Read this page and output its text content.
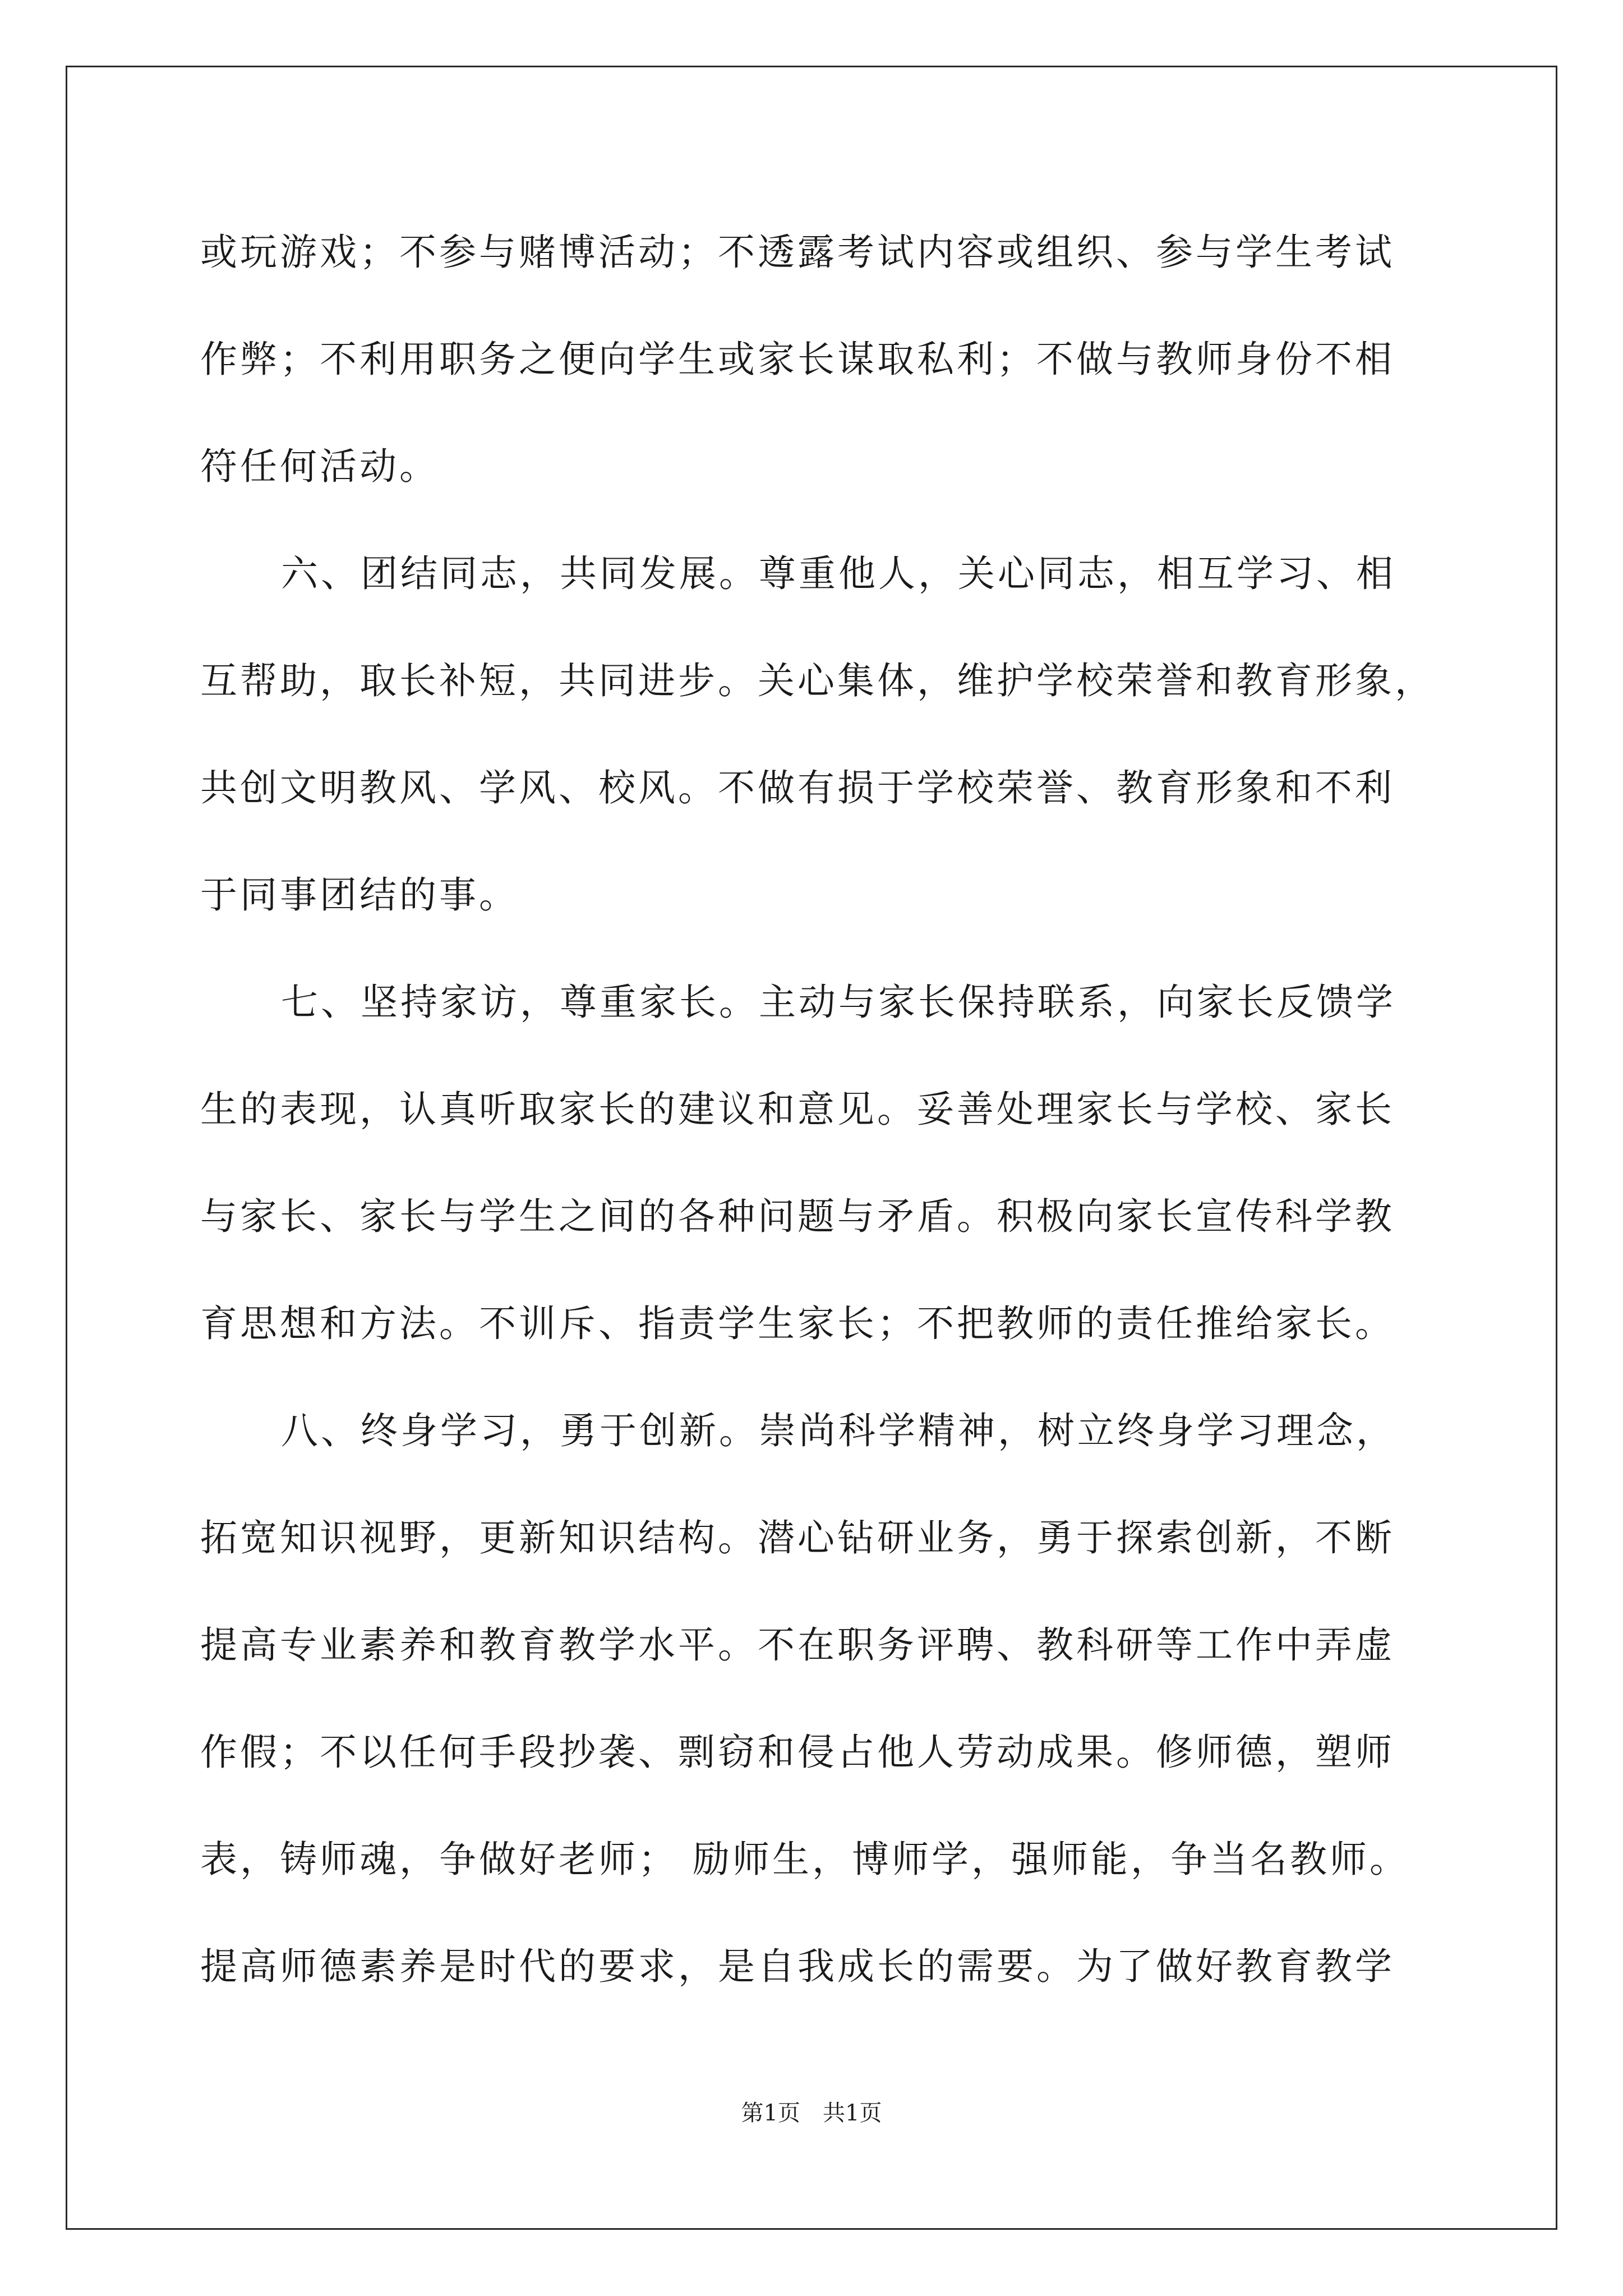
或玩游戏；不参与赌博活动；不透露考试内容或组织、参与学生考试
作弊；不利用职务之便向学生或家长谋取私利；不做与教师身份不相
符任何活动。
六、团结同志，共同发展。尊重他人，关心同志，相互学习、相
互帮助，取长补短，共同进步。关心集体，维护学校荣誉和教育形象，
共创文明教风、学风、校风。不做有损于学校荣誉、教育形象和不利
于同事团结的事。
七、坚持家访，尊重家长。主动与家长保持联系，向家长反馈学
生的表现，认真听取家长的建议和意见。妥善处理家长与学校、家长
与家长、家长与学生之间的各种问题与矛盾。积极向家长宣传科学教
育思想和方法。不训斥、指责学生家长；不把教师的责任推给家长。
八、终身学习，勇于创新。崇尚科学精神，树立终身学习理念，
拓宽知识视野，更新知识结构。潜心钻研业务，勇于探索创新，不断
提高专业素养和教育教学水平。不在职务评聘、教科研等工作中弄虚
作假；不以任何手段抄袭、剽窃和侵占他人劳动成果。修师德，塑师
表，铸师魂，争做好老师； 励师生，博师学，强师能，争当名教师。
提高师德素养是时代的要求，是自我成长的需要。为了做好教育教学
第1页　共1页
